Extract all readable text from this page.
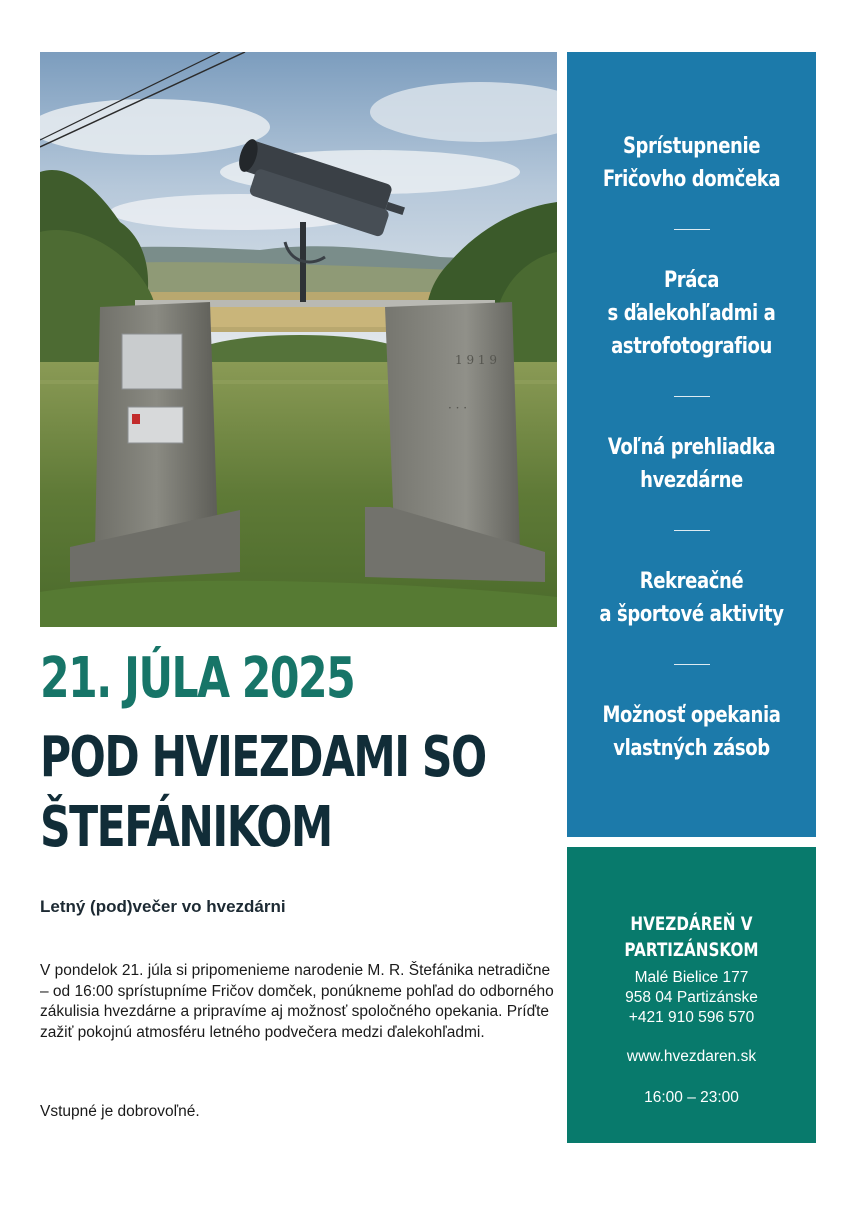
1 9 1 9
· · ·
21. JÚLA 2025
POD HVIEZDAMI SO
ŠTEFÁNIKOM

Letný (pod)večer vo hvezdárni

V pondelok 21. júla si pripomenieme narodenie M. R. Štefánika netradične – od 16:00 sprístupníme Fričov domček, ponúkneme pohľad do odborného zákulisia hvezdárne a pripravíme aj možnosť spoločného opekania. Príďte zažiť pokojnú atmosféru letného podvečera medzi ďalekohľadmi.

Vstupné je dobrovoľné.

Sprístupnenie
Fričovho domčeka
Práca
s ďalekohľadmi a
astrofotografiou
Voľná prehliadka
hvezdárne
Rekreačné
a športové aktivity
Možnosť opekania
vlastných zásob

HVEZDÁREŇ V
PARTIZÁNSKOM

Malé Bielice 177
958 04 Partizánske
+421 910 596 570
www.hvezdaren.sk
16:00 – 23:00
